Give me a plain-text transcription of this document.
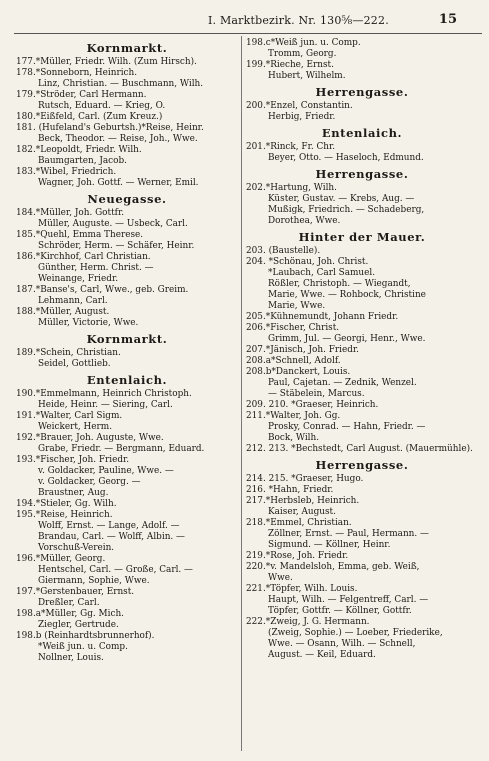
I. Marktbezirk. Nr. 130⅝—222.	15
Kornmarkt.
177.*Müller, Friedr. Wilh. (Zum Hirsch).
178.*Sonneborn, Heinrich.
Linz, Christian. — Buschmann, Wilh.
179.*Ströder, Carl Hermann.
Rutsch, Eduard. — Krieg, O.
180.*Eißfeld, Carl. (Zum Kreuz.)
181. (Hufeland's Geburtsh.)*Reise, Heinr.
Beck, Theodor. — Reise, Joh., Wwe.
182.*Leopoldt, Friedr. Wilh.
Baumgarten, Jacob.
183.*Wibel, Friedrich.
Wagner, Joh. Gottf. — Werner, Emil.
Neuegasse.
184.*Müller, Joh. Gottfr.
Müller, Auguste. — Usbeck, Carl.
185.*Quehl, Emma Therese.
Schröder, Herm. — Schäfer, Heinr.
186.*Kirchhof, Carl Christian.
Günther, Herm. Christ. —
Weinange, Friedr.
187.*Banse's, Carl, Wwe., geb. Greim.
Lehmann, Carl.
188.*Müller, August.
Müller, Victorie, Wwe.
Kornmarkt.
189.*Schein, Christian.
Seidel, Gottlieb.
Entenlaich.
190.*Emmelmann, Heinrich Christoph.
Heide, Heinr. — Siering, Carl.
191.*Walter, Carl Sigm.
Weickert, Herm.
192.*Brauer, Joh. Auguste, Wwe.
Grabe, Friedr. — Bergmann, Eduard.
193.*Fischer, Joh. Friedr.
v. Goldacker, Pauline, Wwe. —
v. Goldacker, Georg. —
Braustner, Aug.
194.*Stieler, Gg. Wilh.
195.*Reise, Heinrich.
Wolff, Ernst. — Lange, Adolf. —
Brandau, Carl. — Wolff, Albin. —
Vorschuß-Verein.
196.*Müller, Georg.
Hentschel, Carl. — Große, Carl. —
Giermann, Sophie, Wwe.
197.*Gerstenbauer, Ernst.
Dreßler, Carl.
198.a*Müller, Gg. Mich.
Ziegler, Gertrude.
198.b (Reinhardtsbrunnerhof).
*Weiß jun. u. Comp.
Nollner, Louis.
198.c*Weiß jun. u. Comp.
Tromm, Georg.
199.*Rieche, Ernst.
Hubert, Wilhelm.
Herrengasse.
200.*Enzel, Constantin.
Herbig, Friedr.
Entenlaich.
201.*Rinck, Fr. Chr.
Beyer, Otto. — Haseloch, Edmund.
Herrengasse.
202.*Hartung, Wilh.
Küster, Gustav. — Krebs, Aug. —
Mußigk, Friedrich. — Schadeberg,
Dorothea, Wwe.
Hinter der Mauer.
203. (Baustelle).
204. *Schönau, Joh. Christ.
*Laubach, Carl Samuel.
Rößler, Christoph. — Wiegandt,
Marie, Wwe. — Rohbock, Christine
Marie, Wwe.
205.*Kühnemundt, Johann Friedr.
206.*Fischer, Christ.
Grimm, Jul. — Georgi, Henr., Wwe.
207.*Jänisch, Joh. Friedr.
208.a*Schnell, Adolf.
208.b*Danckert, Louis.
Paul, Cajetan. — Zednik, Wenzel.
— Stäbelein, Marcus.
209. 210. *Graeser, Heinrich.
211.*Walter, Joh. Gg.
Prosky, Conrad. — Hahn, Friedr. —
Bock, Wilh.
212. 213. *Bechstedt, Carl August. (Mauermühle).
Herrengasse.
214. 215. *Graeser, Hugo.
216. *Hahn, Friedr.
217.*Herbsleb, Heinrich.
Kaiser, August.
218.*Emmel, Christian.
Zöllner, Ernst. — Paul, Hermann. —
Sigmund. — Köllner, Heinr.
219.*Rose, Joh. Friedr.
220.*v. Mandelsloh, Emma, geb. Weiß,
Wwe.
221.*Töpfer, Wilh. Louis.
Haupt, Wilh. — Felgentreff, Carl. —
Töpfer, Gottfr. — Köllner, Gottfr.
222.*Zweig, J. G. Hermann.
(Zweig, Sophie.) — Loeber, Friederike,
Wwe. — Osann, Wilh. — Schnell,
August. — Keil, Eduard.
